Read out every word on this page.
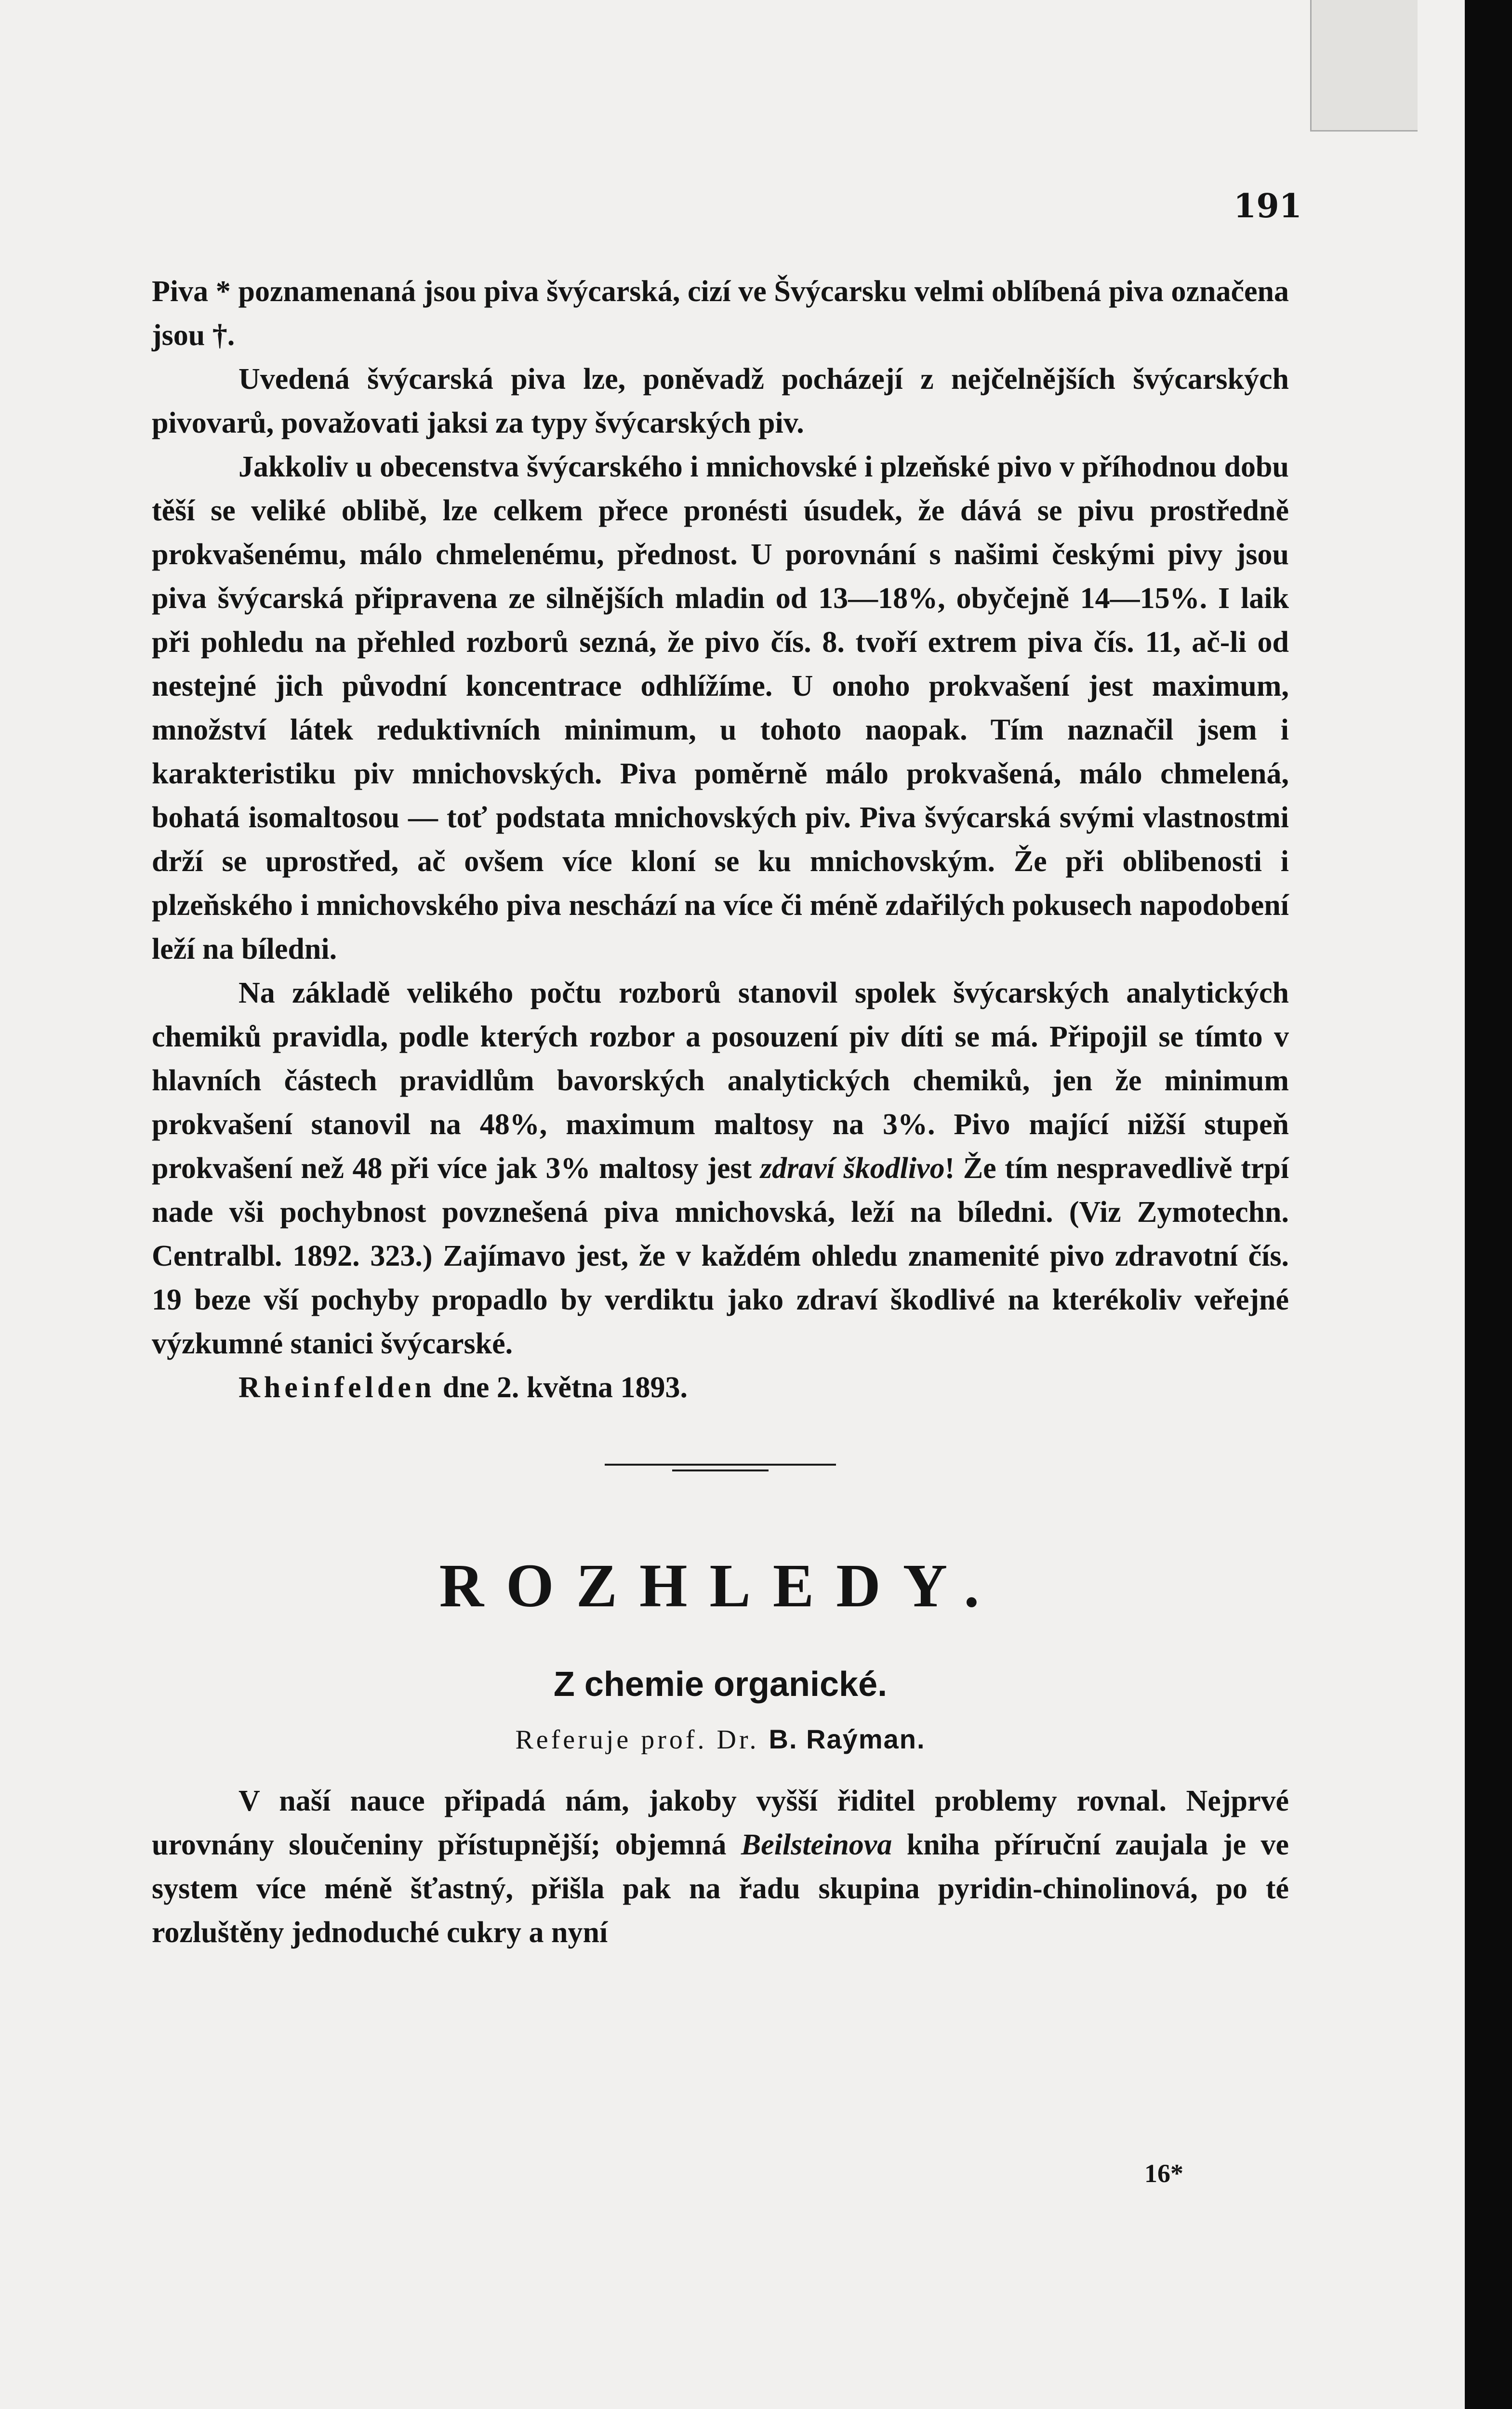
191

Piva * poznamenaná jsou piva švýcarská, cizí ve Švýcarsku velmi oblíbená piva označena jsou †.

Uvedená švýcarská piva lze, poněvadž pocházejí z nejčelnějších švýcarských pivovarů, považovati jaksi za typy švýcarských piv.

Jakkoliv u obecenstva švýcarského i mnichovské i plzeňské pivo v příhodnou dobu těší se veliké oblibě, lze celkem přece pronésti úsudek, že dává se pivu prostředně prokvašenému, málo chmelenému, přednost. U porovnání s našimi českými pivy jsou piva švýcarská připravena ze silnějších mladin od 13—18%, obyčejně 14—15%. I laik při pohledu na přehled rozborů sezná, že pivo čís. 8. tvoří extrem piva čís. 11, ač-li od nestejné jich původní koncentrace odhlížíme. U onoho prokvašení jest maximum, množství látek reduktivních minimum, u tohoto naopak. Tím naznačil jsem i karakteristiku piv mnichovských. Piva poměrně málo prokvašená, málo chmelená, bohatá isomaltosou — toť podstata mnichovských piv. Piva švýcarská svými vlastnostmi drží se uprostřed, ač ovšem více kloní se ku mnichovským. Že při oblibenosti i plzeňského i mnichovského piva neschází na více či méně zdařilých pokusech napodobení leží na bíledni.

Na základě velikého počtu rozborů stanovil spolek švýcarských analytických chemiků pravidla, podle kterých rozbor a posouzení piv díti se má. Připojil se tímto v hlavních částech pravidlům bavorských analytických chemiků, jen že minimum prokvašení stanovil na 48%, maximum maltosy na 3%. Pivo mající nižší stupeň prokvašení než 48 při více jak 3% maltosy jest zdraví škodlivo! Že tím nespravedlivě trpí nade vši pochybnost povznešená piva mnichovská, leží na bíledni. (Viz Zymotechn. Centralbl. 1892. 323.) Zajímavo jest, že v každém ohledu znamenité pivo zdravotní čís. 19 beze vší pochyby propadlo by verdiktu jako zdraví škodlivé na kterékoliv veřejné výzkumné stanici švýcarské.

Rheinfelden dne 2. května 1893.

ROZHLEDY.
Z chemie organické.
Referuje prof. Dr. B. Raýman.

V naší nauce připadá nám, jakoby vyšší řiditel problemy rovnal. Nejprvé urovnány sloučeniny přístupnější; objemná Beilsteinova kniha příruční zaujala je ve system více méně šťastný, přišla pak na řadu skupina pyridin-chinolinová, po té rozluštěny jednoduché cukry a nyní

16*
